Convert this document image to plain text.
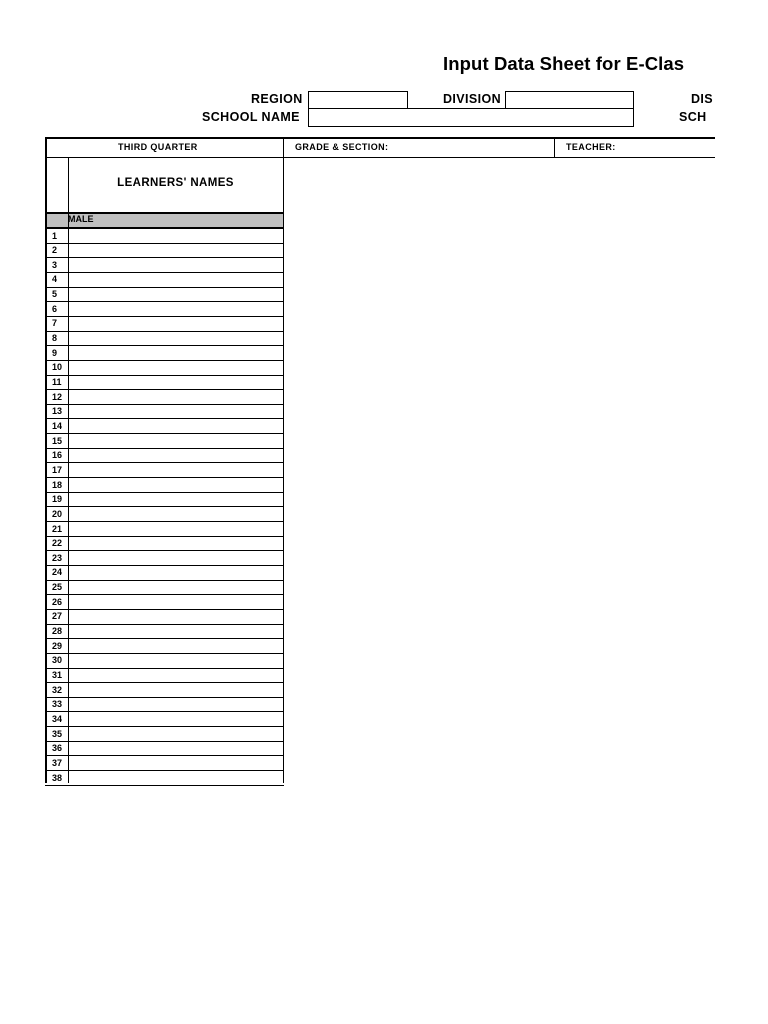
Input Data Sheet for E-Clas
REGION	DIVISION	DIS
SCHOOL NAME	SCH
THIRD QUARTER	GRADE & SECTION:	TEACHER:
LEARNERS' NAMES
MALE
1
2
3
4
5
6
7
8
9
10
11
12
13
14
15
16
17
18
19
20
21
22
23
24
25
26
27
28
29
30
31
32
33
34
35
36
37
38
